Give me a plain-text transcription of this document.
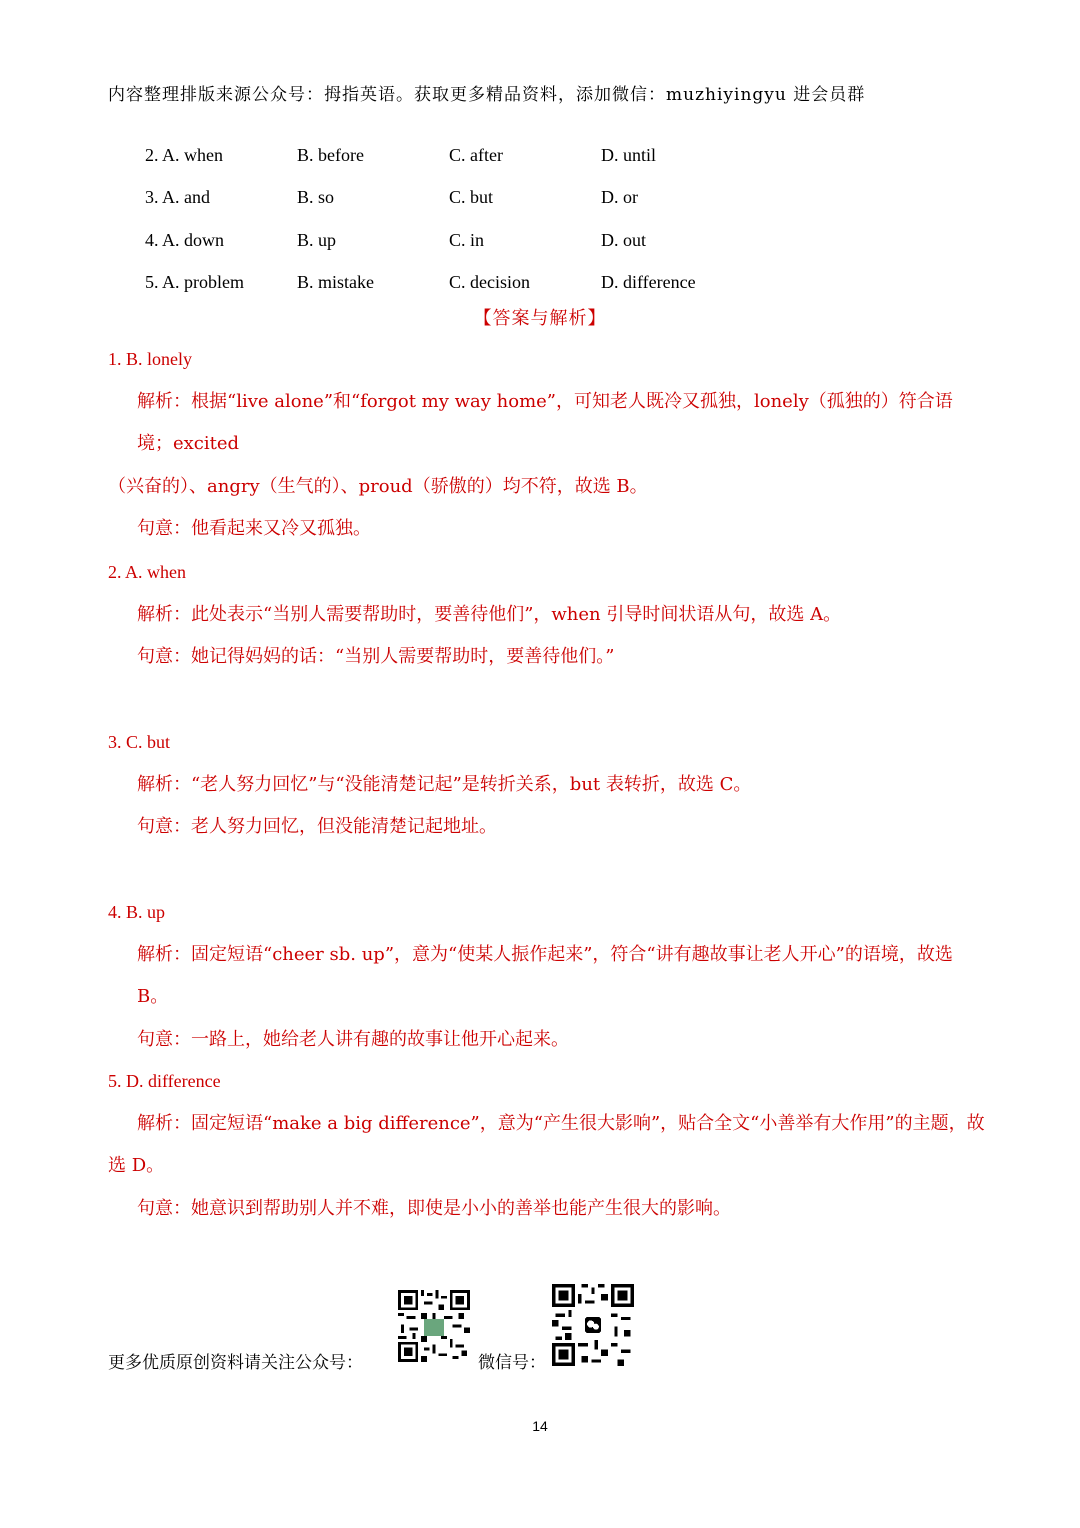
内容整理排版来源公众号：拇指英语。获取更多精品资料，添加微信：muzhiyingyu 进会员群
2. A. when	B. before	C. after	D. until
3. A. and	B. so	C. but	D. or
4. A. down	B. up	C. in	D. out
5. A. problem	B. mistake	C. decision	D. difference
【答案与解析】
1. B. lonely
解析：根据“live alone”和“forgot my way home”，可知老人既冷又孤独，lonely（孤独的）符合语境；excited
（兴奋的）、angry（生气的）、proud（骄傲的）均不符，故选 B。
句意：他看起来又冷又孤独。
2. A. when
解析：此处表示“当别人需要帮助时，要善待他们”，when 引导时间状语从句，故选 A。
句意：她记得妈妈的话：“当别人需要帮助时，要善待他们。”
3. C. but
解析：“老人努力回忆”与“没能清楚记起”是转折关系，but 表转折，故选 C。
句意：老人努力回忆，但没能清楚记起地址。
4. B. up
解析：固定短语“cheer sb. up”，意为“使某人振作起来”，符合“讲有趣故事让老人开心”的语境，故选 B。
句意：一路上，她给老人讲有趣的故事让他开心起来。
5. D. difference
解析：固定短语“make a big difference”，意为“产生很大影响”，贴合全文“小善举有大作用”的主题，故
选 D。
句意：她意识到帮助别人并不难，即使是小小的善举也能产生很大的影响。
更多优质原创资料请关注公众号：	微信号：
14
